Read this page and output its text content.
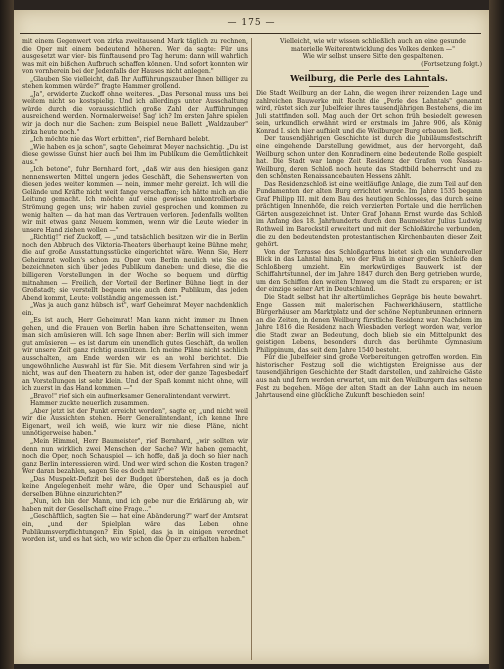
— 175 —

mit einem Gegenwert von zirka zweitausend Mark täglich zu rechnen, die Oper mit einem bedeutend höheren. Wer da sagte: Für uns ausgesetzt war vier- bis fünftausend pro Tag herum: dann will wahrlich was mit ein bißchen Aufbruch schaffen können. Und sofort konnten wir von vornherein bei der Jedenfalls der Hauses nicht anlegen."

„Glauben Sie vielleicht, daß Ihr Aufführungszauber Ihnen billiger zu stehen kommen würde?" fragte Hammer grollend.

„Ja", erwiderte Zuckoff ohne weiteres. „Das Personal muss uns bei weitem nicht so kostspielig. Und ich allerdings unter Ausschaltung würde durch die voraussichtlich große Zahl der Aufführungen ausreichend werden. Normalerweise! Sag' ich? Im ersten Jahre spielen wir ja doch nur die Sachen: zum Beispiel neue Ballett „Waldzauber" zirka heute noch."

„Ich möchte nie das Wort erbitten", rief Bernhard belebt.

„Wie haben es ja schon", sagte Geheimrat Meyer nachsichtig. „Du ist diese gewisse Gunst hier auch bei Ihm im Publikum die Gemütlichkeit aus."

„Ich betone", fuhr Bernhard fort, „daß wir aus den hiesigen ganz nennenswerten Mittel ungern jedes Geschäft, die Sehenswerten von diesen jedes weiter kommen — nein, immer mehr gereizt. Ich will die Gelände und Kräfte nicht weit fange verschaffen; ich hätte mich an die Leitung gemacht. Ich möchte auf eine gewisse unkontrollierbare Strömung gegen uns; wir haben zuviel gesprochen und kommen zu wenig halten — da hat man das Vertrauen verloren. Jedenfalls wollten wir mit etwas ganz Neuem kommen, wenn wir die Leute wieder in unsere Hand ziehen wollen —"

„Richtig!" rief Zuckoff, — „und tatsächlich besitzen wir die in Berlin noch den Abbruch des Viktoria-Theaters überhaupt keine Bühne mehr, die auf große Ausstattungsstücke eingerichtet wäre. Wenn Sie, Herr Geheimrat wollen's schon zu Oper von Berlin neulich wie Sie es bezeichneten sich über jedes Publikum daneben: und diese, die die billigeren Vorstellungen in der Woche so bequem und dürftig mitnahmen — Freilich, der Vorteil der Berliner Bühne liegt in der Großstadt; sie verstellt bequem wie auch dem Publikum, das jeden Abend kommt, Leute: vollständig angemessen ist."

„Was ja auch ganz hübsch ist", warf Geheimrat Meyer nachdenklich ein.

„Es ist auch, Herr Geheimrat! Man kann nicht immer zu Ihnen gehen, und die Frauen von Berlin haben ihre Schattenseiten, wenn man sich amüsieren will. Ich sage Ihnen aber: Berlin will sich immer gut amüsieren — es ist darum ein unendlich gutes Geschäft, da wollen wir unsere Zeit ganz richtig ausnützen. Ich meine Pläne nicht sachlich ausschalten, am Ende werden wir es an wohl berichtet. Die ungewöhnliche Auswahl ist für Sie. Mit diesem Verfahren sind wir ja nicht, was auf den Theatern zu haben ist, oder der ganze Tagesbedarf an Vorstellungen ist sehr klein. Und der Spaß kommt nicht ohne, will ich zuerst in das Hand kommen —"

„Bravo!" rief sich ein aufmerksamer Generalintendant verwirrt.

Hammer zuckte neuerlich zusammen.

„Aber jetzt ist der Punkt erreicht worden", sagte er, „und nicht weil wir die Aussichten stehen. Herr Generalintendant, ich kenne Ihre Eigenart, weil ich weiß, wie kurz wir nie diese Pläne, nicht unnötigerweise haben."

„Mein Himmel, Herr Baumeister", rief Bernhard, „wir sollten wir denn nun wirklich zwei Menschen der Sache? Wir haben gemacht, noch die Oper, noch Schauspiel — ich hoffe, daß ja doch so hier nach ganz Berlin interessieren wird. Und wer wird schon die Kosten tragen? Wer daran bezahlen, sagen Sie es doch mir?"

„Das Muspekt-Defizit bei der Budget überstehen, daß es ja doch keine Angelegenheit mehr wäre, die Oper und Schauspiel auf derselben Bühne einzurichten?"

„Nun, ich bin der Mann, und ich gebe nur die Erklärung ab, wir haben mit der Gesellschaft eine Frage..."

„Geschäftlich, sagten Sie — hat eine Abänderung?" warf der Amtsrat ein, „und der Spielplan wäre das Leben ohne Publikumsverpflichtungen? Ein Spiel, das ja in einigen verordnet worden ist, und es hat sich, wo wir schon die Oper zu erhalten haben."

Vielleicht, wie wir wissen schließlich auch an eine gesunde

materielle Weiterentwicklung des Volkes denken —"

Wie wir selbst unsere Sitte den gespaltenen.

(Fortsetzung folgt.)

Weilburg, die Perle des Lahntals.

Die Stadt Weilburg an der Lahn, die wegen ihrer reizenden Lage und zahlreichen Bauwerke mit Recht die „Perle des Lahntals" genannt wird, rüstet sich zur Jubelfeier ihres tausendjährigen Bestehens, die im Juli stattfinden soll. Mag auch der Ort schon früh besiedelt gewesen sein, urkundlich erwähnt wird er erstmals im Jahre 906, als König Konrad I. sich hier aufhielt und die Weilburger Burg erbauen ließ.

Der tausendjährigen Geschichte ist durch die Jubiläumsfestschrift eine eingehende Darstellung gewidmet, aus der hervorgeht, daß Weilburg schon unter den Konradinern eine bedeutende Rolle gespielt hat. Die Stadt war lange Zeit Residenz der Grafen von Nassau-Weilburg, deren Schloß noch heute das Stadtbild beherrscht und zu den schönsten Renaissancebauten Hessens zählt.

Das Residenzschloß ist eine weitläufige Anlage, die zum Teil auf den Fundamenten der alten Burg errichtet wurde. Im Jahre 1535 begann Graf Philipp III. mit dem Bau des heutigen Schlosses, das durch seine prächtigen Innenhöfe, die reich verzierten Portale und die herrlichen Gärten ausgezeichnet ist. Unter Graf Johann Ernst wurde das Schloß im Anfang des 18. Jahrhunderts durch den Baumeister Julius Ludwig Rothweil im Barockstil erweitert und mit der Schloßkirche verbunden, die zu den bedeutendsten protestantischen Kirchenbauten dieser Zeit gehört.

Von der Terrasse des Schloßgartens bietet sich ein wundervoller Blick in das Lahntal hinab, wo der Fluß in einer großen Schleife den Schloßberg umzieht. Ein merkwürdiges Bauwerk ist der Schiffahrtstunnel, der im Jahre 1847 durch den Berg getrieben wurde, um den Schiffen den weiten Umweg um die Stadt zu ersparen; er ist der einzige seiner Art in Deutschland.

Die Stadt selbst hat ihr altertümliches Gepräge bis heute bewahrt. Enge Gassen mit malerischen Fachwerkhäusern, stattliche Bürgerhäuser am Marktplatz und der schöne Neptunbrunnen erinnern an die Zeiten, in denen Weilburg fürstliche Residenz war. Nachdem im Jahre 1816 die Residenz nach Wiesbaden verlegt worden war, verlor die Stadt zwar an Bedeutung, doch blieb sie ein Mittelpunkt des geistigen Lebens, besonders durch das berühmte Gymnasium Philippinum, das seit dem Jahre 1540 besteht.

Für die Jubelfeier sind große Vorbereitungen getroffen worden. Ein historischer Festzug soll die wichtigsten Ereignisse aus der tausendjährigen Geschichte der Stadt darstellen, und zahlreiche Gäste aus nah und fern werden erwartet, um mit den Weilburgern das seltene Fest zu begehen. Möge der alten Stadt an der Lahn auch im neuen Jahrtausend eine glückliche Zukunft beschieden sein!
